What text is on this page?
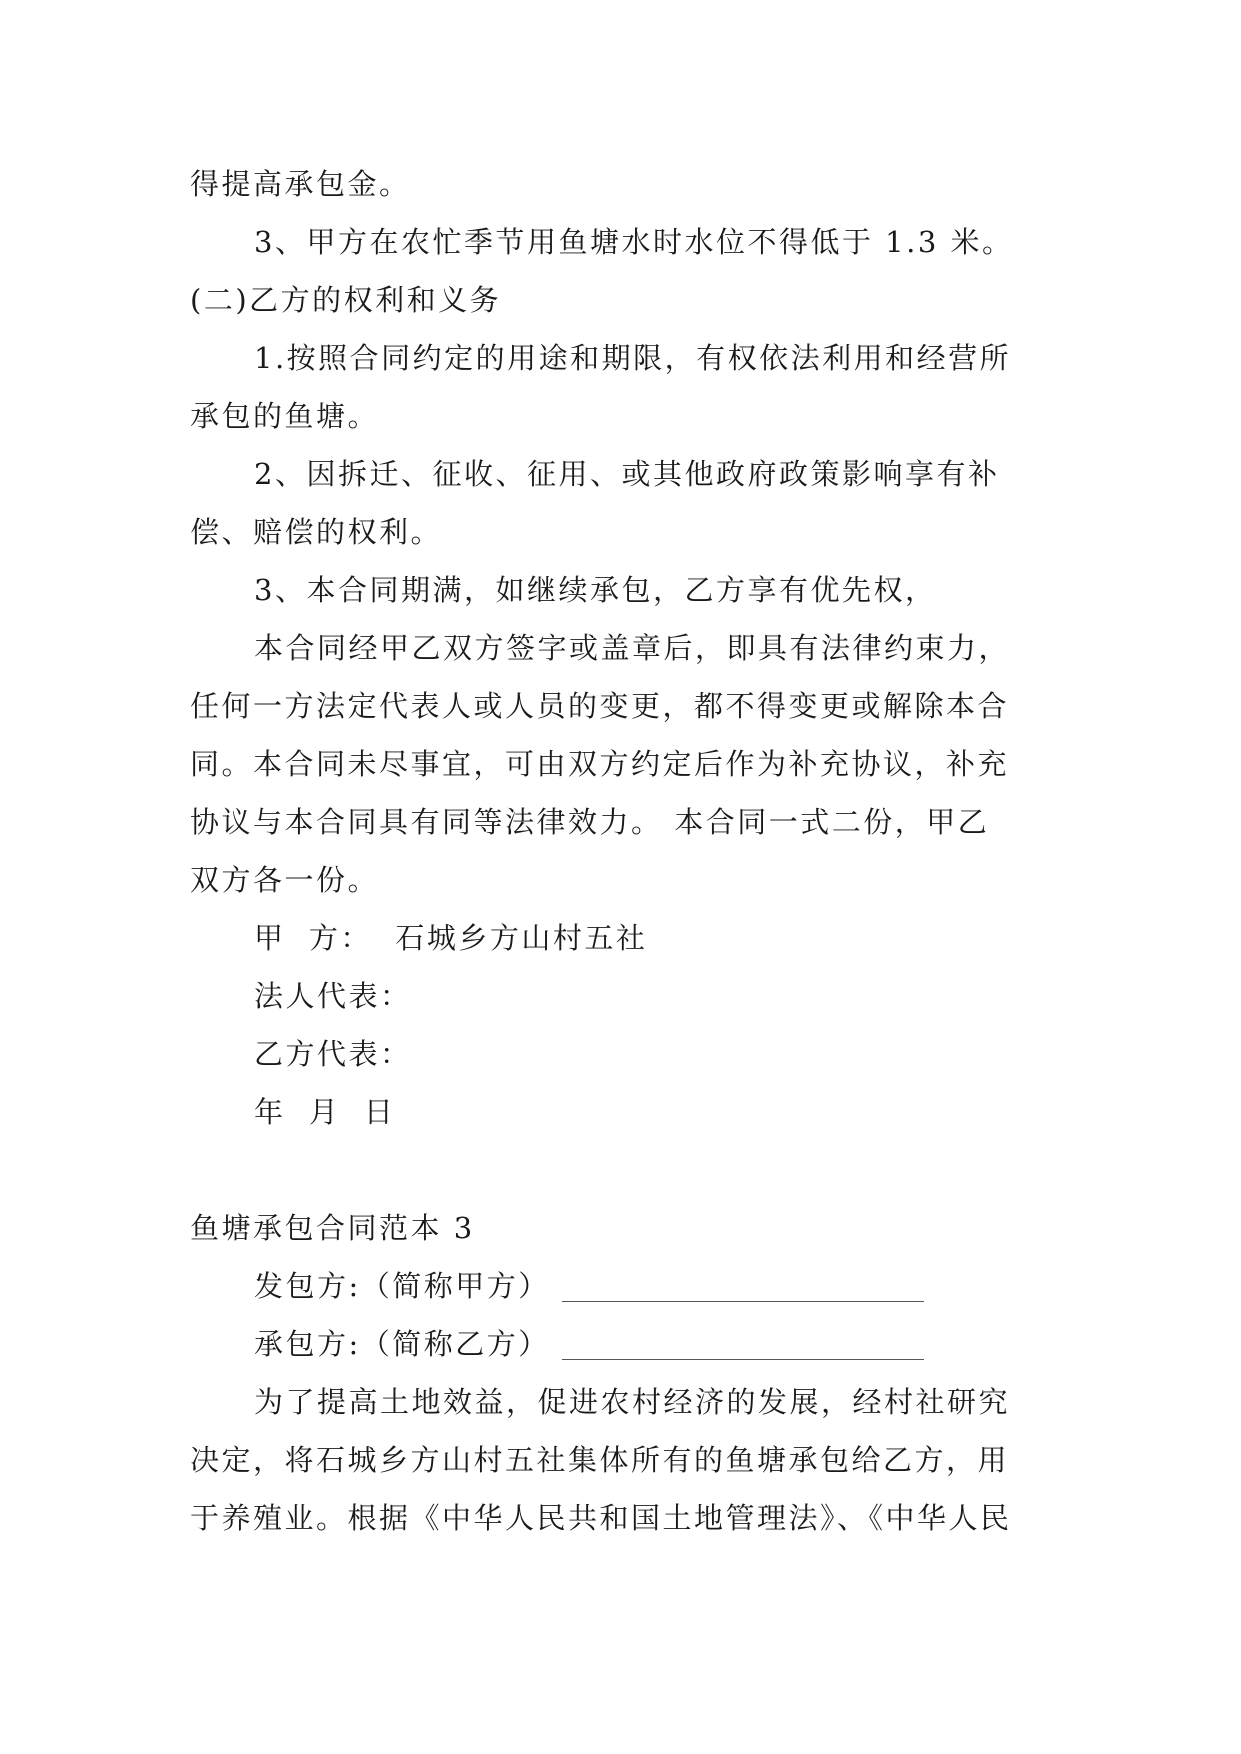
得提高承包金。
3、甲方在农忙季节用鱼塘水时水位不得低于 1.3 米。
(二)乙方的权利和义务
1.按照合同约定的用途和期限，有权依法利用和经营所
承包的鱼塘。
2、因拆迁、征收、征用、或其他政府政策影响享有补
偿、赔偿的权利。
3、本合同期满，如继续承包，乙方享有优先权，
本合同经甲乙双方签字或盖章后，即具有法律约束力，
任何一方法定代表人或人员的变更，都不得变更或解除本合
同。本合同未尽事宜，可由双方约定后作为补充协议，补充
协议与本合同具有同等法律效力。 本合同一式二份，甲乙
双方各一份。
甲  方：  石城乡方山村五社
法人代表：
乙方代表：
年  月  日
鱼塘承包合同范本 3
发包方:（简称甲方）
承包方:（简称乙方）
为了提高土地效益，促进农村经济的发展，经村社研究
决定，将石城乡方山村五社集体所有的鱼塘承包给乙方，用
于养殖业。根据《中华人民共和国土地管理法》、《中华人民
